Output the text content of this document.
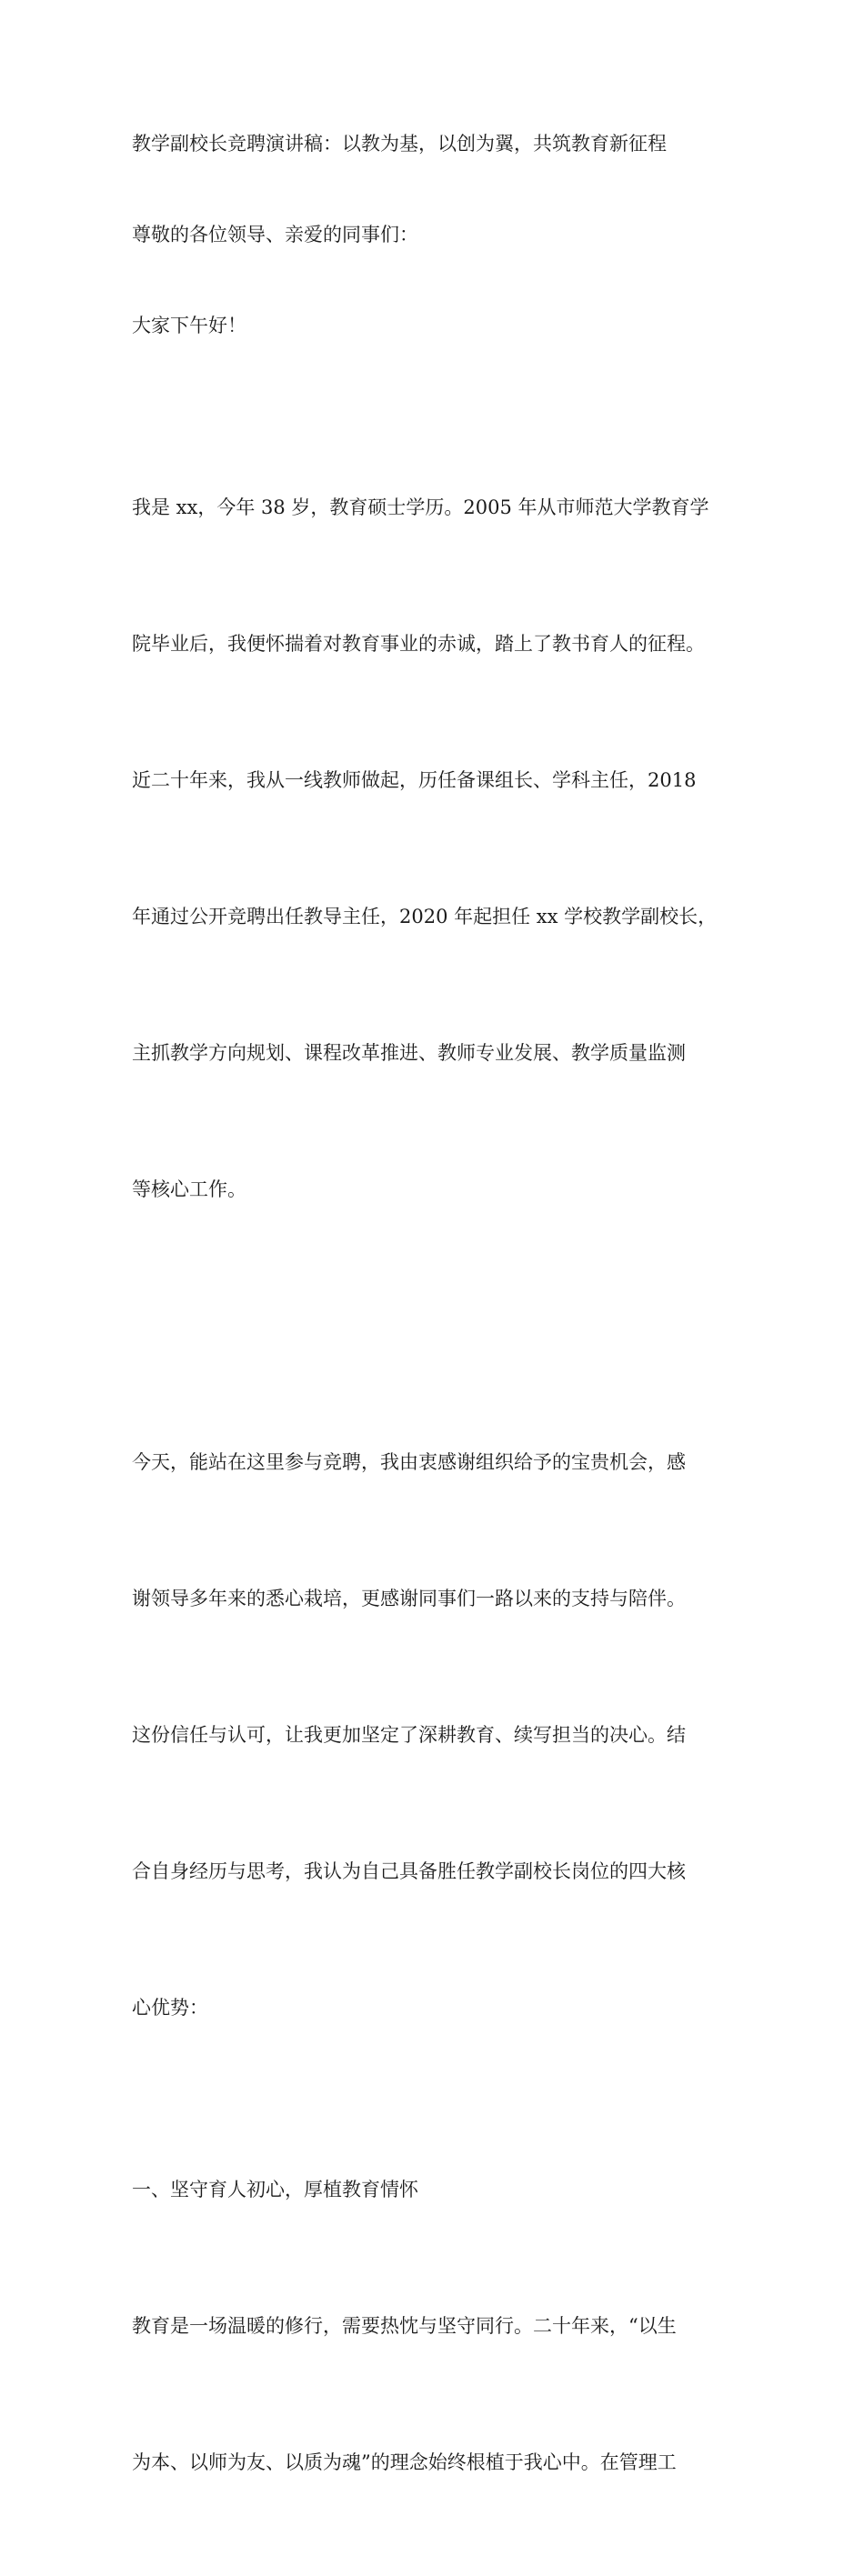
教学副校长竞聘演讲稿：以教为基，以创为翼，共筑教育新征程
尊敬的各位领导、亲爱的同事们：
大家下午好！

我是 xx，今年 38 岁，教育硕士学历。2005 年从市师范大学教育学

院毕业后，我便怀揣着对教育事业的赤诚，踏上了教书育人的征程。

近二十年来，我从一线教师做起，历任备课组长、学科主任，2018

年通过公开竞聘出任教导主任，2020 年起担任 xx 学校教学副校长，

主抓教学方向规划、课程改革推进、教师专业发展、教学质量监测

等核心工作。

今天，能站在这里参与竞聘，我由衷感谢组织给予的宝贵机会，感

谢领导多年来的悉心栽培，更感谢同事们一路以来的支持与陪伴。

这份信任与认可，让我更加坚定了深耕教育、续写担当的决心。结

合自身经历与思考，我认为自己具备胜任教学副校长岗位的四大核

心优势：

一、坚守育人初心，厚植教育情怀

教育是一场温暖的修行，需要热忱与坚守同行。二十年来，“以生

为本、以师为友、以质为魂”的理念始终根植于我心中。在管理工
